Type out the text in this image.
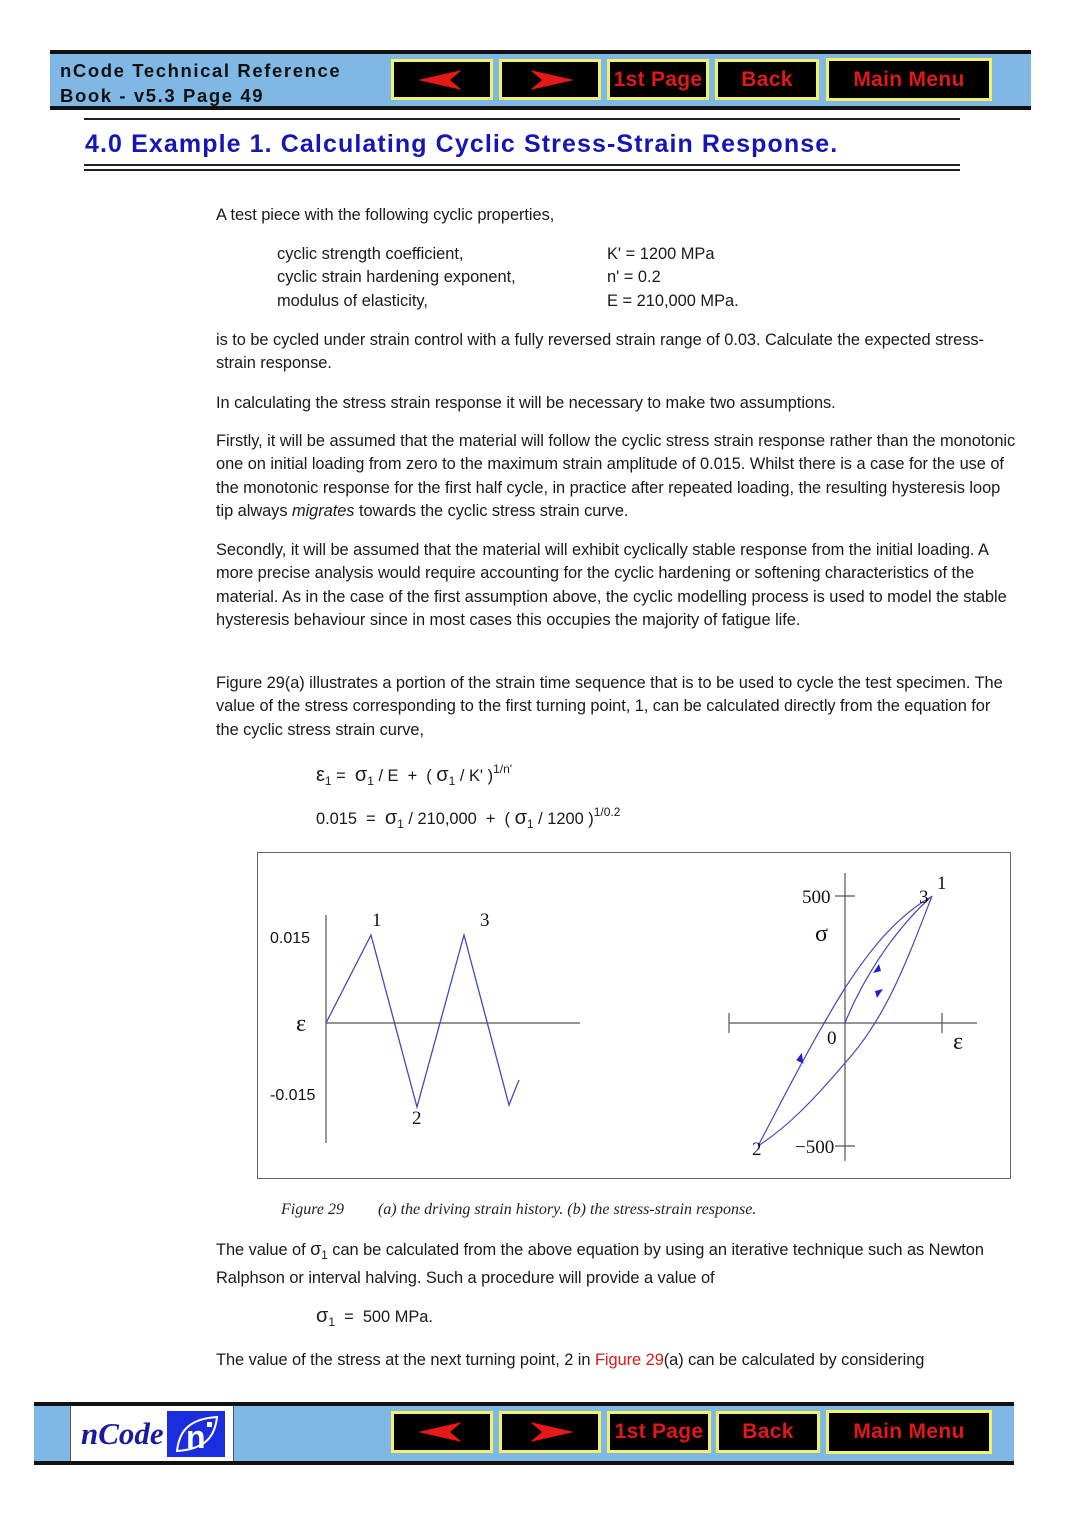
nCode Technical Reference
Book - v5.3 Page 49
1st Page Back	Main Menu
4.0 Example 1. Calculating Cyclic Stress-Strain Response.
A test piece with the following cyclic properties,
cyclic strength coefficient,	K' = 1200 MPa
cyclic strain hardening exponent,	n' = 0.2
modulus of elasticity,	E = 210,000 MPa.
is to be cycled under strain control with a fully reversed strain range of 0.03. Calculate the expected stress-strain response.
In calculating the stress strain response it will be necessary to make two assumptions.
Firstly, it will be assumed that the material will follow the cyclic stress strain response rather than the monotonic one on initial loading from zero to the maximum strain amplitude of 0.015. Whilst there is a case for the use of the monotonic response for the first half cycle, in practice after repeated loading, the resulting hysteresis loop tip always migrates towards the cyclic stress strain curve.
Secondly, it will be assumed that the material will exhibit cyclically stable response from the initial loading. A more precise analysis would require accounting for the cyclic hardening or softening characteristics of the material. As in the case of the first assumption above, the cyclic modelling process is used to model the stable hysteresis behaviour since in most cases this occupies the majority of fatigue life.
Figure 29(a) illustrates a portion of the strain time sequence that is to be used to cycle the test specimen. The value of the stress corresponding to the first turning point, 1, can be calculated directly from the equation for the cyclic stress strain curve,
$\varepsilon_1 = \sigma_1 / E$  +  ( $\sigma_1$ / K' )$^{1/n'}$
$0.015 = \sigma_1 / 210,000$  +  ( $\sigma_1 / 1200$ )$^{1/0.2}$
0.015
-0.015
ε
1	3
2
500
−500
σ
0	ε
1
3
2
Figure 29 (a) the driving strain history. (b) the stress-strain response.
The value of $\sigma_1$ can be calculated from the above equation by using an iterative technique such as Newton Ralphson or interval halving. Such a procedure will provide a value of
$\sigma_1 = 500$ MPa.
The value of the stress at the next turning point, 2 in Figure 29(a) can be calculated by considering
nCode n	1st Page Back	Main Menu
